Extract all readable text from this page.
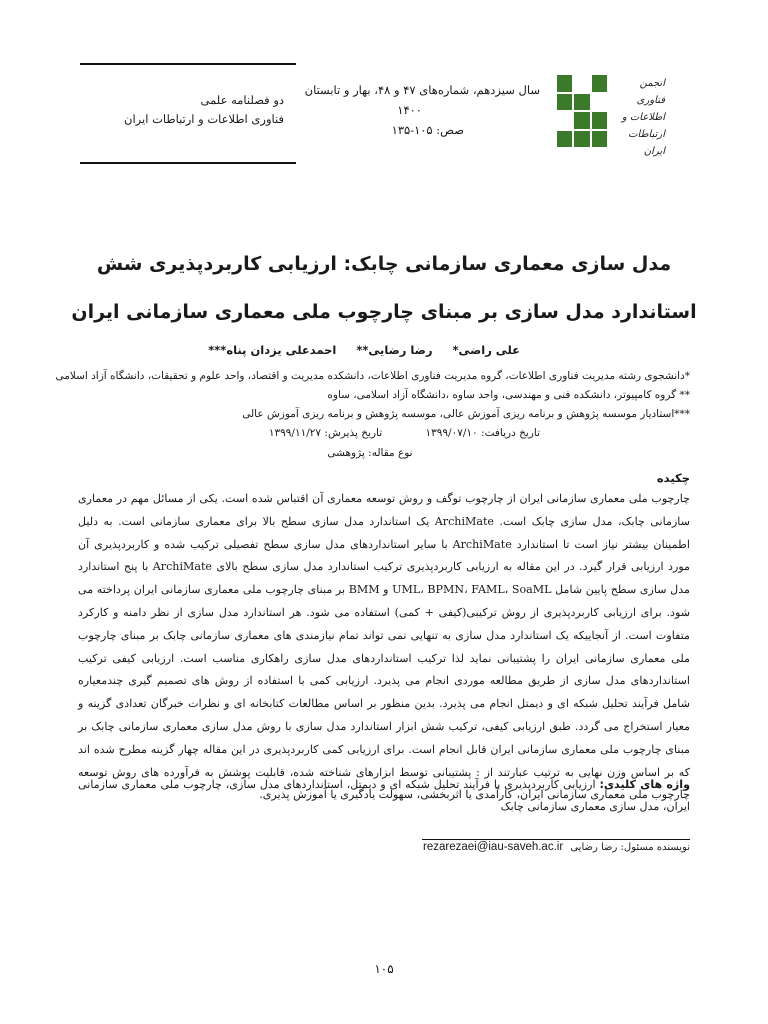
دو فصلنامه علمی
فناوری اطلاعات و ارتباطات ایران
سال سیزدهم، شماره‌های ۴۷ و ۴۸، بهار و تابستان
۱۴۰۰
صص: ۱۰۵-۱۳۵
انجمن
فناوری
اطلاعات و
ارتباطات ایران
مدل سازی معماری سازمانی چابک: ارزیابی کاربردپذیری شش
استاندارد مدل سازی بر مبنای چارچوب ملی معماری سازمانی ایران
علی راضی* رضا رضایی** احمدعلی یزدان پناه***
*دانشجوی رشته مدیریت فناوری اطلاعات، گروه مدیریت فناوری اطلاعات، دانشکده مدیریت و اقتصاد، واحد علوم و تحقیقات، دانشگاه آزاد اسلامی
** گروه کامپیوتر، دانشکده فنی و مهندسی، واحد ساوه ،دانشگاه آزاد اسلامی، ساوه
***استادیار موسسه پژوهش و برنامه ریزی آموزش عالی، موسسه پژوهش و برنامه ریزی آموزش عالی
تاریخ دریافت: ۱۳۹۹/۰۷/۱۰ تاریخ پذیرش: ۱۳۹۹/۱۱/۲۷
نوع مقاله: پژوهشی
چکیده
چارچوب ملی معماری سازمانی ایران از چارچوب توگف و روش توسعه معماری آن اقتباس شده است. یکی از مسائل مهم در معماری سازمانی چابک، مدل سازی چابک است. ArchiMate یک استاندارد مدل سازی سطح بالا برای معماری سازمانی است. به دلیل اطمینان بیشتر نیاز است تا استاندارد ArchiMate با سایر استانداردهای مدل سازی سطح تفصیلی ترکیب شده و کاربردپذیری آن مورد ارزیابی قرار گیرد. در این مقاله به ارزیابی کاربردپذیری ترکیب استاندارد مدل سازی سطح بالای ArchiMate با پنج استاندارد مدل سازی سطح پایین شامل UML، BPMN، FAML، SoaML و BMM بر مبنای چارچوب ملی معماری سازمانی ایران پرداخته می شود. برای ارزیابی کاربردپذیری از روش ترکیبی(کیفی + کمی) استفاده می شود. هر استاندارد مدل سازی از نظر دامنه و کارکرد متفاوت است. از آنجاییکه یک استاندارد مدل سازی به تنهایی نمی تواند تمام نیازمندی های معماری سازمانی چابک بر مبنای چارچوب ملی معماری سازمانی ایران را پشتیبانی نماید لذا ترکیب استانداردهای مدل سازی راهکاری مناسب است. ارزیابی کیفی ترکیب استانداردهای مدل سازی از طریق مطالعه موردی انجام می پذیرد. ارزیابی کمی با استفاده از روش های تصمیم گیری چندمعیاره شامل فرآیند تحلیل شبکه ای و دیمتل انجام می پذیرد. بدین منظور بر اساس مطالعات کتابخانه ای و نظرات خبرگان تعدادی گزینه و معیار استخراج می گردد. طبق ارزیابی کیفی، ترکیب شش ابزار استاندارد مدل سازی با روش مدل سازی معماری سازمانی چابک بر مبنای چارچوب ملی معماری سازمانی ایران قابل انجام است. برای ارزیابی کمی کاربردپذیری در این مقاله چهار گزینه مطرح شده اند که بر اساس وزن نهایی به ترتیب عبارتند از : پشتیبانی توسط ابزارهای شناخته شده، قابلیت پوشش به فرآورده های روش توسعه چارچوب ملی معماری سازمانی ایران، کارآمدی یا اثربخشی، سهولت یادگیری یا آموزش پذیری.
واژه های کلیدی: ارزیابی کاربردپذیری با فرآیند تحلیل شبکه ای و دیمتل، استانداردهای مدل سازی، چارچوب ملی معماری سازمانی ایران، مدل سازی معماری سازمانی چابک
نویسنده مسئول: رضا رضایی rezarezaei@iau-saveh.ac.ir
۱۰۵
